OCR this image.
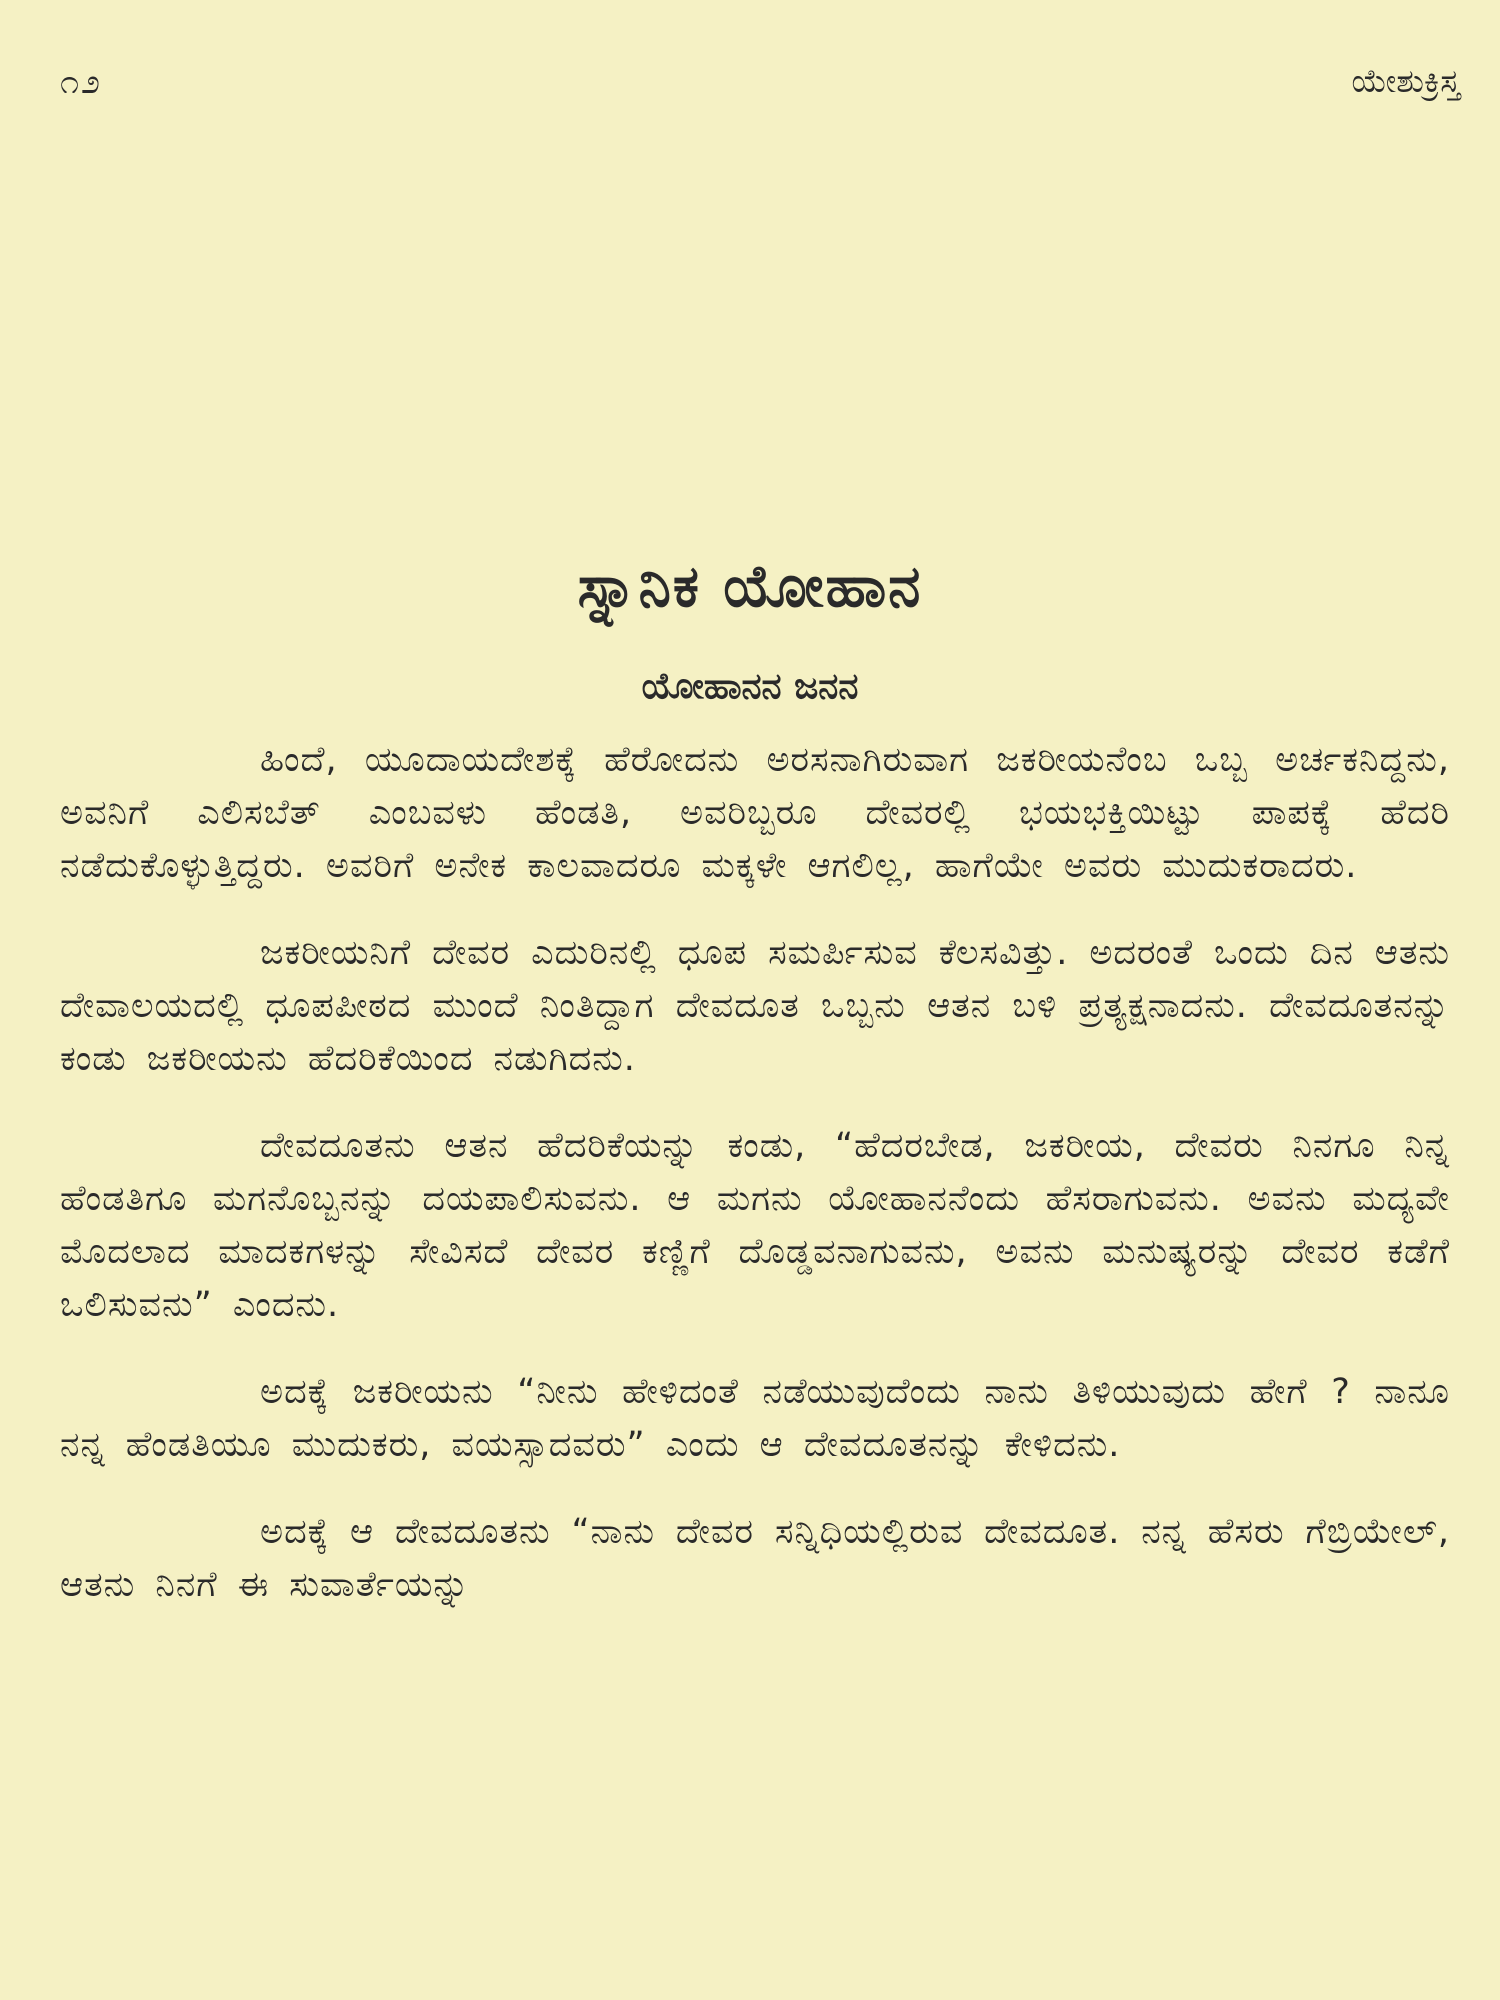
೧೨	ಯೇಶುಕ್ರಿಸ್ತ
ಸ್ನಾನಿಕ ಯೋಹಾನ
ಯೋಹಾನನ ಜನನ

ಹಿಂದೆ, ಯೂದಾಯದೇಶಕ್ಕೆ ಹೆರೋದನು ಅರಸನಾಗಿರುವಾಗ ಜಕರೀಯನೆಂಬ ಒಬ್ಬ ಅರ್ಚಕನಿದ್ದನು, ಅವನಿಗೆ ಎಲಿಸಬೆತ್ ಎಂಬವಳು ಹೆಂಡತಿ, ಅವರಿಬ್ಬರೂ ದೇವರಲ್ಲಿ ಭಯಭಕ್ತಿಯಿಟ್ಟು ಪಾಪಕ್ಕೆ ಹೆದರಿ ನಡೆದುಕೊಳ್ಳುತ್ತಿದ್ದರು. ಅವರಿಗೆ ಅನೇಕ ಕಾಲವಾದರೂ ಮಕ್ಕಳೇ ಆಗಲಿಲ್ಲ, ಹಾಗೆಯೇ ಅವರು ಮುದುಕರಾದರು.

ಜಕರೀಯನಿಗೆ ದೇವರ ಎದುರಿನಲ್ಲಿ ಧೂಪ ಸಮರ್ಪಿಸುವ ಕೆಲಸವಿತ್ತು. ಅದರಂತೆ ಒಂದು ದಿನ ಆತನು ದೇವಾಲಯದಲ್ಲಿ ಧೂಪಪೀಠದ ಮುಂದೆ ನಿಂತಿದ್ದಾಗ ದೇವದೂತ ಒಬ್ಬನು ಆತನ ಬಳಿ ಪ್ರತ್ಯಕ್ಷನಾದನು. ದೇವದೂತನನ್ನು ಕಂಡು ಜಕರೀಯನು ಹೆದರಿಕೆಯಿಂದ ನಡುಗಿದನು.

ದೇವದೂತನು ಆತನ ಹೆದರಿಕೆಯನ್ನು ಕಂಡು, “ಹೆದರಬೇಡ, ಜಕರೀಯ, ದೇವರು ನಿನಗೂ ನಿನ್ನ ಹೆಂಡತಿಗೂ ಮಗನೊಬ್ಬನನ್ನು ದಯಪಾಲಿಸುವನು. ಆ ಮಗನು ಯೋಹಾನನೆಂದು ಹೆಸರಾಗುವನು. ಅವನು ಮದ್ಯವೇ ಮೊದಲಾದ ಮಾದಕಗಳನ್ನು ಸೇವಿಸದೆ ದೇವರ ಕಣ್ಣಿಗೆ ದೊಡ್ಡವನಾಗುವನು, ಅವನು ಮನುಷ್ಯರನ್ನು ದೇವರ ಕಡೆಗೆ ಒಲಿಸುವನು” ಎಂದನು.

ಅದಕ್ಕೆ ಜಕರೀಯನು “ನೀನು ಹೇಳಿದಂತೆ ನಡೆಯುವುದೆಂದು ನಾನು ತಿಳಿಯುವುದು ಹೇಗೆ ? ನಾನೂ ನನ್ನ ಹೆಂಡತಿಯೂ ಮುದುಕರು, ವಯಸ್ಸಾದವರು” ಎಂದು ಆ ದೇವದೂತನನ್ನು ಕೇಳಿದನು.

ಅದಕ್ಕೆ ಆ ದೇವದೂತನು “ನಾನು ದೇವರ ಸನ್ನಿಧಿಯಲ್ಲಿರುವ ದೇವದೂತ. ನನ್ನ ಹೆಸರು ಗೆಬ್ರಿಯೇಲ್, ಆತನು ನಿನಗೆ ಈ ಸುವಾರ್ತೆಯನ್ನು
